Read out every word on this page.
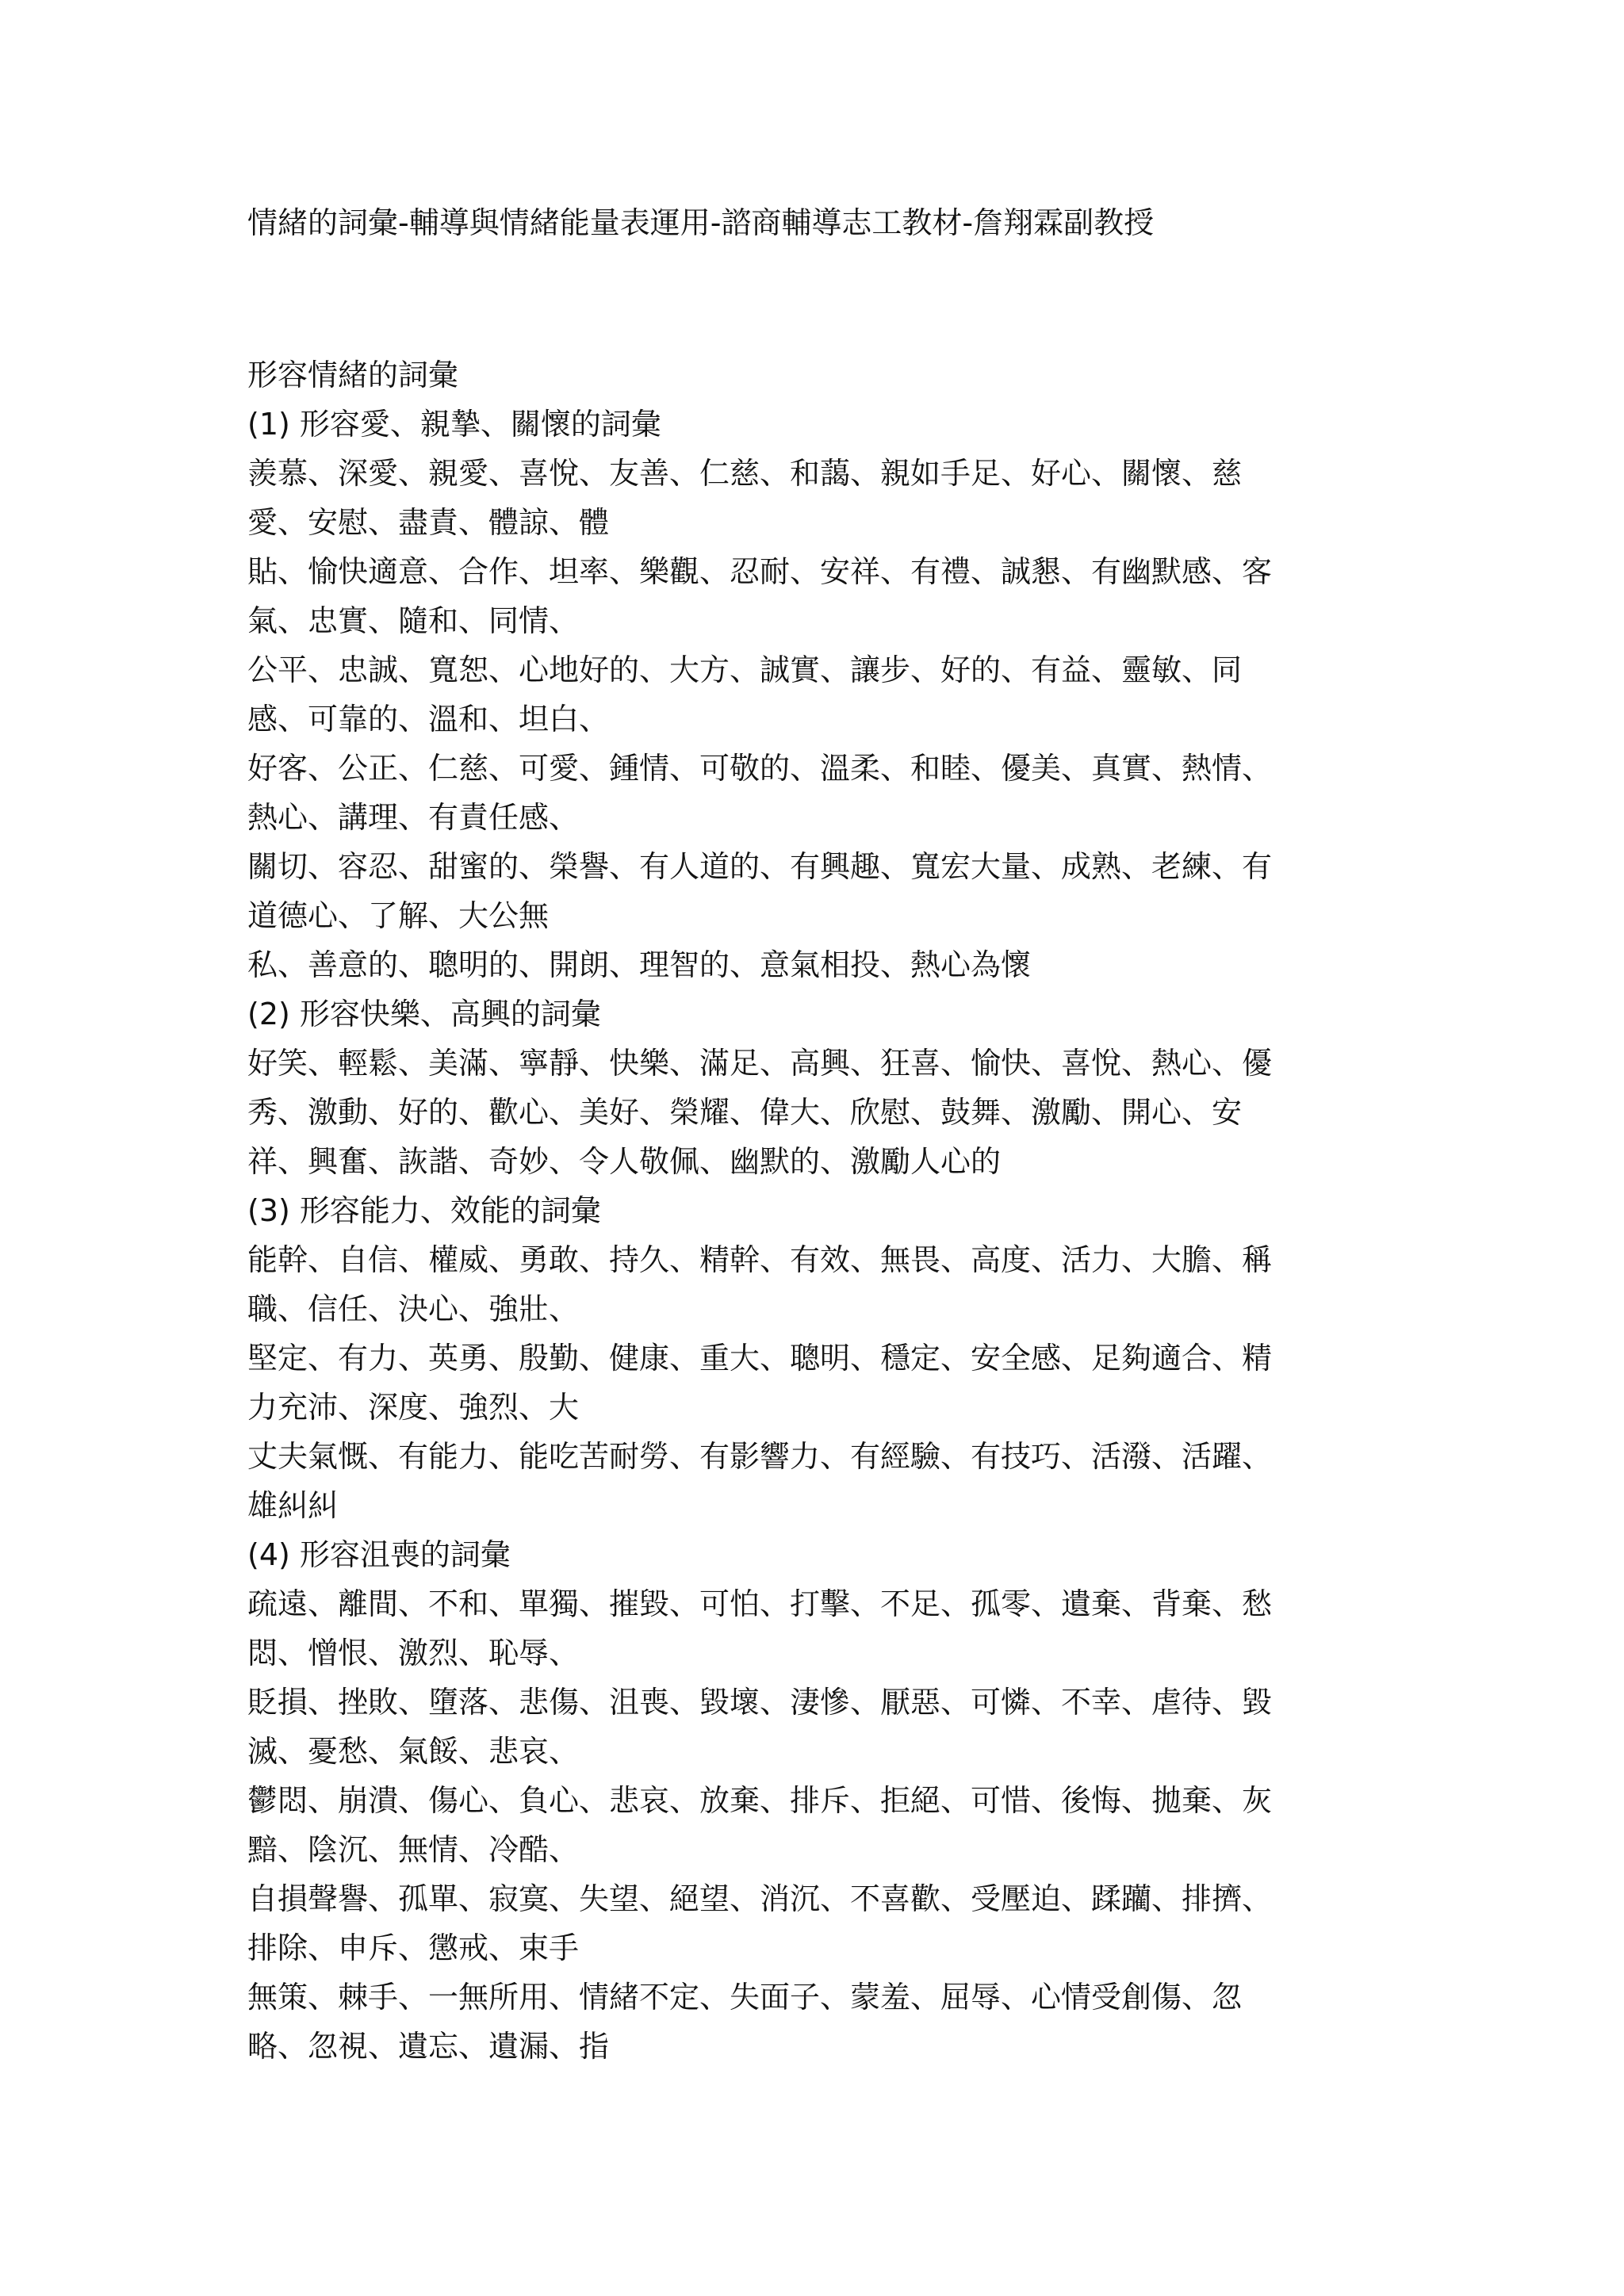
情緒的詞彙-輔導與情緒能量表運用-諮商輔導志工教材-詹翔霖副教授

形容情緒的詞彙

(1) 形容愛、親摯、關懷的詞彙

羨慕、深愛、親愛、喜悅、友善、仁慈、和藹、親如手足、好心、關懷、慈

愛、安慰、盡責、體諒、體

貼、愉快適意、合作、坦率、樂觀、忍耐、安祥、有禮、誠懇、有幽默感、客

氣、忠實、隨和、同情、

公平、忠誠、寬恕、心地好的、大方、誠實、讓步、好的、有益、靈敏、同

感、可靠的、溫和、坦白、

好客、公正、仁慈、可愛、鍾情、可敬的、溫柔、和睦、優美、真實、熱情、

熱心、講理、有責任感、

關切、容忍、甜蜜的、榮譽、有人道的、有興趣、寬宏大量、成熟、老練、有

道德心、了解、大公無

私、善意的、聰明的、開朗、理智的、意氣相投、熱心為懷

(2) 形容快樂、高興的詞彙

好笑、輕鬆、美滿、寧靜、快樂、滿足、高興、狂喜、愉快、喜悅、熱心、優

秀、激動、好的、歡心、美好、榮耀、偉大、欣慰、鼓舞、激勵、開心、安

祥、興奮、詼諧、奇妙、令人敬佩、幽默的、激勵人心的

(3) 形容能力、效能的詞彙

能幹、自信、權威、勇敢、持久、精幹、有效、無畏、高度、活力、大膽、稱

職、信任、決心、強壯、

堅定、有力、英勇、殷勤、健康、重大、聰明、穩定、安全感、足夠適合、精

力充沛、深度、強烈、大

丈夫氣慨、有能力、能吃苦耐勞、有影響力、有經驗、有技巧、活潑、活躍、

雄糾糾

(4) 形容沮喪的詞彙

疏遠、離間、不和、單獨、摧毀、可怕、打擊、不足、孤零、遺棄、背棄、愁

悶、憎恨、激烈、恥辱、

貶損、挫敗、墮落、悲傷、沮喪、毀壞、淒慘、厭惡、可憐、不幸、虐待、毀

滅、憂愁、氣餒、悲哀、

鬱悶、崩潰、傷心、負心、悲哀、放棄、排斥、拒絕、可惜、後悔、拋棄、灰

黯、陰沉、無情、冷酷、

自損聲譽、孤單、寂寞、失望、絕望、消沉、不喜歡、受壓迫、蹂躪、排擠、

排除、申斥、懲戒、束手

無策、棘手、一無所用、情緒不定、失面子、蒙羞、屈辱、心情受創傷、忽

略、忽視、遺忘、遺漏、指
